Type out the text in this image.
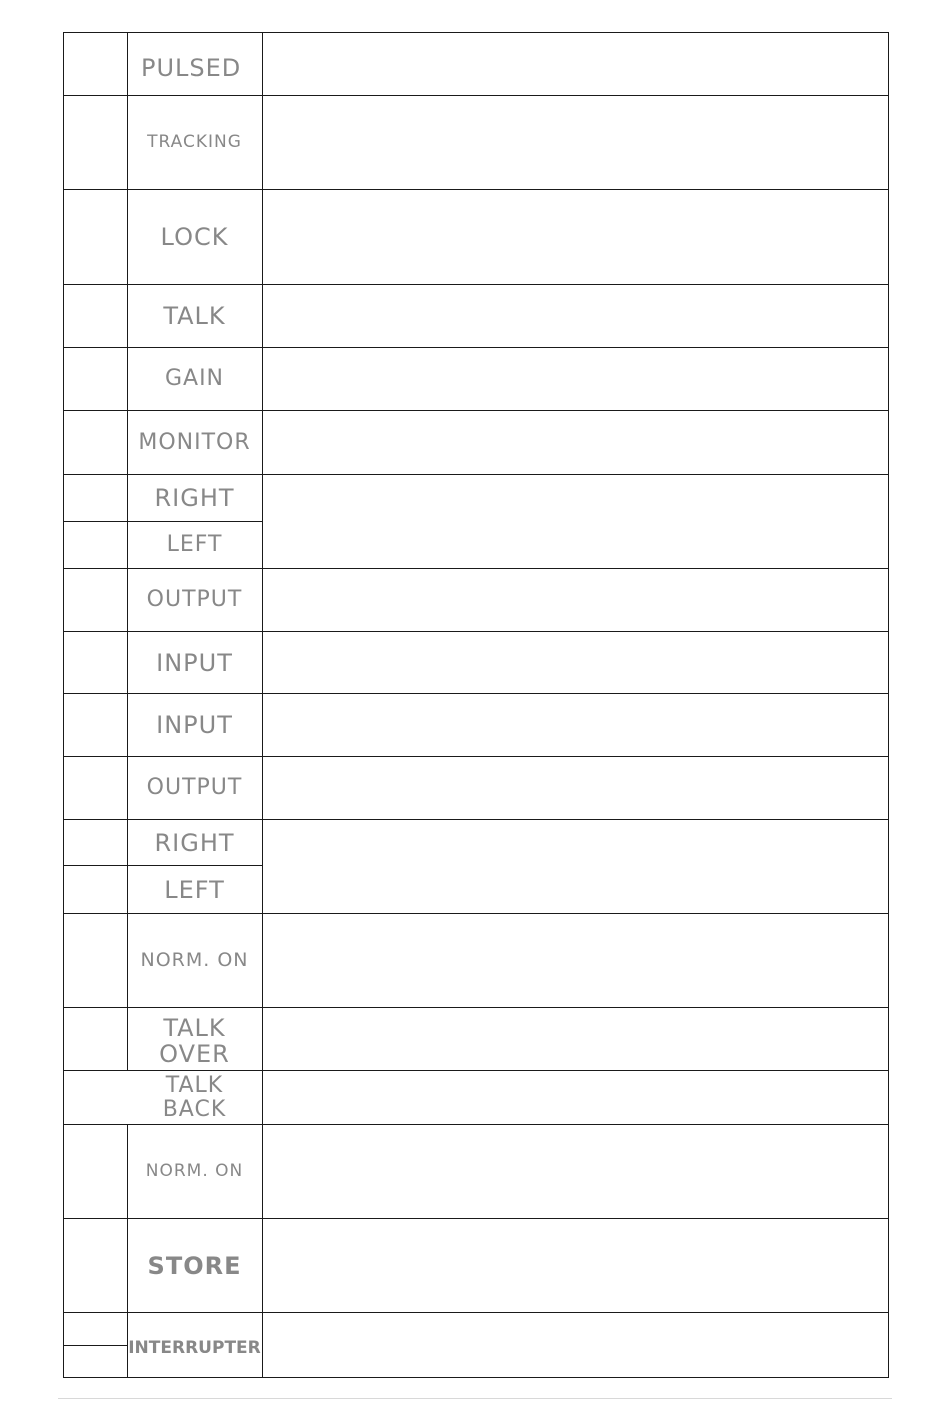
PULSED
TRACKING
LOCK
TALK
GAIN
MONITOR
RIGHT
LEFT
OUTPUT
INPUT
INPUT
OUTPUT
RIGHT
LEFT
NORM. ON
TALK
OVER
TALK
BACK
NORM. ON
STORE
INTERRUPTER
